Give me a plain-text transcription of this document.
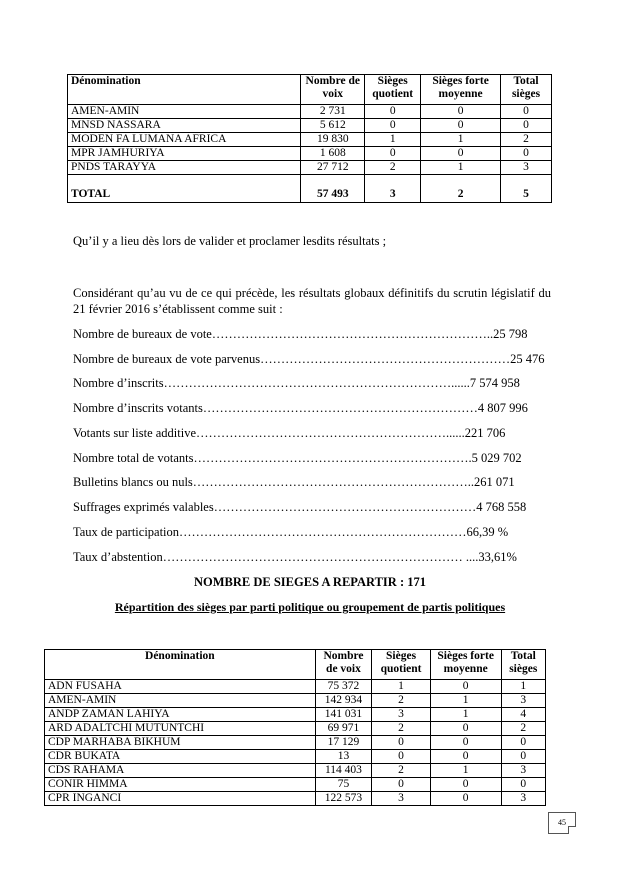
Dénomination	Nombre de voix	Sièges quotient	Sièges forte moyenne	Total sièges
AMEN-AMIN	2 731	0	0	0
MNSD NASSARA	5 612	0	0	0
MODEN FA LUMANA AFRICA	19 830	1	1	2
MPR JAMHURIYA	1 608	0	0	0
PNDS TARAYYA	27 712	2	1	3
TOTAL	57 493	3	2	5
Qu’il y a lieu dès lors de valider et proclamer lesdits résultats ;
Considérant qu’au vu de ce qui précède, les résultats globaux définitifs du scrutin législatif du 21 février 2016 s’établissent comme suit :
Nombre de bureaux de vote…………………………………………………………..25 798
Nombre de bureaux de vote parvenus……………………………………………………25 476
Nombre d’inscrits……………………………………………………………......7 574 958
Nombre d’inscrits votants…………………………………………………………4 807 996
Votants sur liste additive……………………………………………………......221 706
Nombre total de votants………………………………………………………….5 029 702
Bulletins blancs ou nuls…………………………………………………………..261 071
Suffrages exprimés valables………………………………………………………4 768 558
Taux de participation……………………………………………………………66,39 %
Taux d’abstention……………………………………………………………… ....33,61%
NOMBRE DE SIEGES A REPARTIR : 171
Répartition des sièges par parti politique ou groupement de partis politiques
Dénomination	Nombre de voix	Sièges quotient	Sièges forte moyenne	Total sièges
ADN FUSAHA	75 372	1	0	1
AMEN-AMIN	142 934	2	1	3
ANDP ZAMAN LAHIYA	141 031	3	1	4
ARD ADALTCHI MUTUNTCHI	69 971	2	0	2
CDP MARHABA BIKHUM	17 129	0	0	0
CDR BUKATA	13	0	0	0
CDS RAHAMA	114 403	2	1	3
CONIR HIMMA	75	0	0	0
CPR INGANCI	122 573	3	0	3
45
